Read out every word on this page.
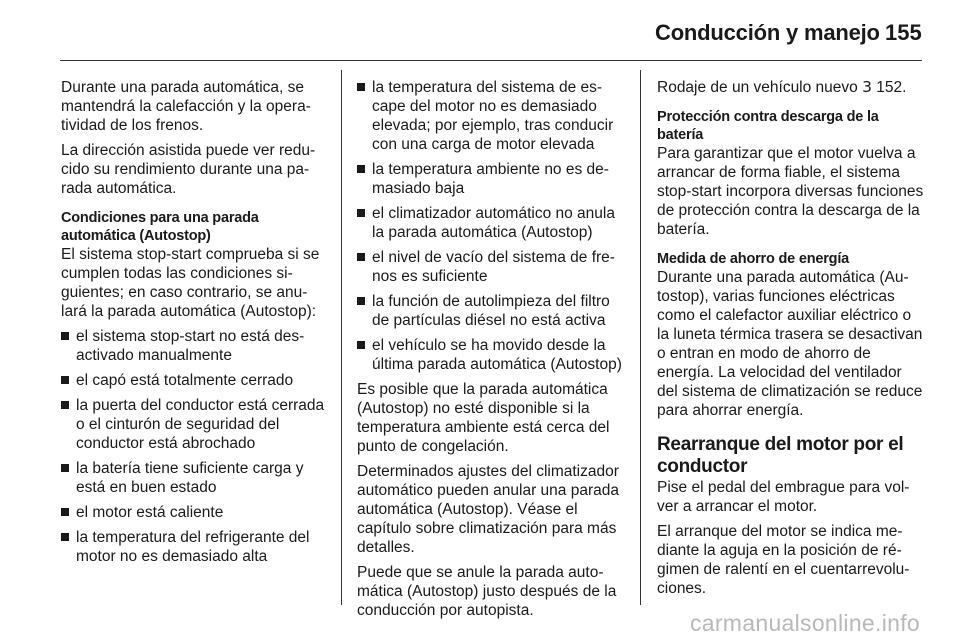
Conducción y manejo 155

Durante una parada automática, se mantendrá la calefacción y la operatividad de los frenos.

La dirección asistida puede ver reducido su rendimiento durante una parada automática.

Condiciones para una parada automática (Autostop)

El sistema stop-start comprueba si se cumplen todas las condiciones siguientes; en caso contrario, se anulará la parada automática (Autostop):

el sistema stop-start no está desactivado manualmente
el capó está totalmente cerrado
la puerta del conductor está cerrada o el cinturón de seguridad del conductor está abrochado
la batería tiene suficiente carga y está en buen estado
el motor está caliente
la temperatura del refrigerante del motor no es demasiado alta
la temperatura del sistema de escape del motor no es demasiado elevada; por ejemplo, tras conducir con una carga de motor elevada
la temperatura ambiente no es demasiado baja
el climatizador automático no anula la parada automática (Autostop)
el nivel de vacío del sistema de frenos es suficiente
la función de autolimpieza del filtro de partículas diésel no está activa
el vehículo se ha movido desde la última parada automática (Autostop)

Es posible que la parada automática (Autostop) no esté disponible si la temperatura ambiente está cerca del punto de congelación.

Determinados ajustes del climatizador automático pueden anular una parada automática (Autostop). Véase el capítulo sobre climatización para más detalles.

Puede que se anule la parada automática (Autostop) justo después de la conducción por autopista.

Rodaje de un vehículo nuevo 3 152.

Protección contra descarga de la batería

Para garantizar que el motor vuelva a arrancar de forma fiable, el sistema stop-start incorpora diversas funciones de protección contra la descarga de la batería.

Medida de ahorro de energía

Durante una parada automática (Autostop), varias funciones eléctricas como el calefactor auxiliar eléctrico o la luneta térmica trasera se desactivan o entran en modo de ahorro de energía. La velocidad del ventilador del sistema de climatización se reduce para ahorrar energía.

Rearranque del motor por el conductor

Pise el pedal del embrague para volver a arrancar el motor.

El arranque del motor se indica mediante la aguja en la posición de régimen de ralentí en el cuentarrevoluciones.

carmanualsonline.info
